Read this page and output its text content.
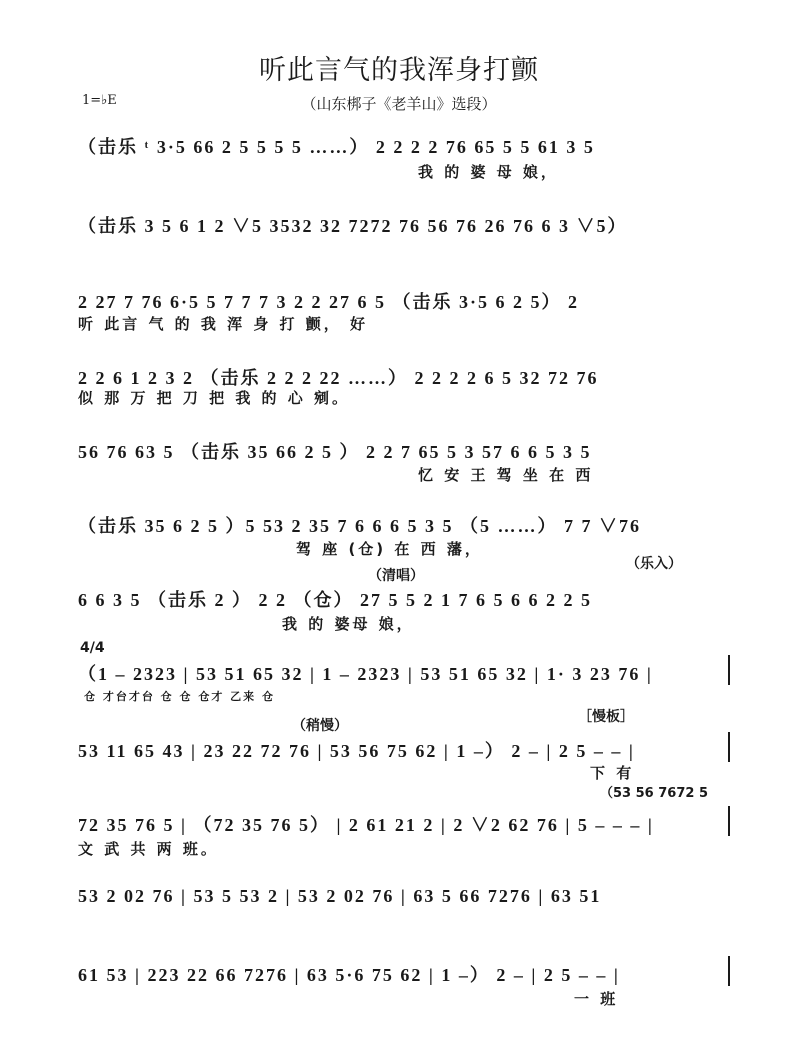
听此言气的我浑身打颤
1=♭E	（山东梆子《老羊山》选段）
（清唱）
（乐入）
4/4
（稍慢）
［慢板］
（53 56 7672 5
（击乐 ᵗ 3·5 66 2 5 5 5 5 ……） 2 2 2 2 76 65 5 5 61 3 5
我 的 婆 母 娘，
（击乐 3 5 6 1 2 ∨5 3532 32 7272 76 56 76 26 76 6 3 ∨5）
2 27 7 76 6·5 5 7 7 7 3 2 2 27 6 5 （击乐 3·5 6 2 5） 2
听 此言 气 的 我 浑 身 打 颤， 好
2 2 6 1 2 3 2 （击乐 2 2 2 22 ……） 2 2 2 2 6 5 32 72 76
似 那 万 把 刀 把 我 的 心 剜。
56 76 63 5 （击乐 35 66 2 5 ） 2 2 7 65 5 3 57 6 6 5 3 5
忆 安 王 驾 坐 在 西
（击乐 35 6 2 5 ）5 53 2 35 7 6 6 6 5 3 5 （5 ……） 7 7 ∨76
驾 座 (仓) 在 西 藩，
6 6 3 5 （击乐 2 ） 2 2 （仓） 27 5 5 2 1 7 6 5 6 6 2 2 5
我 的 婆母 娘，
（1 – 2323 | 53 51 65 32 | 1 – 2323 | 53 51 65 32 | 1· 3 23 76 |
仓 才台才台 仓 仓 仓才 乙来 仓
53 11 65 43 | 23 22 72 76 | 53 56 75 62 | 1 –） 2 – | 2 5 – – |
下 有
72 35 76 5 | （72 35 76 5） | 2 61 21 2 | 2 ∨2 62 76 | 5 – – – |
文 武 共 两 班。
53 2 02 76 | 53 5 53 2 | 53 2 02 76 | 63 5 66 7276 | 63 51
61 53 | 223 22 66 7276 | 63 5·6 75 62 | 1 –） 2 – | 2 5 – – |
一 班
